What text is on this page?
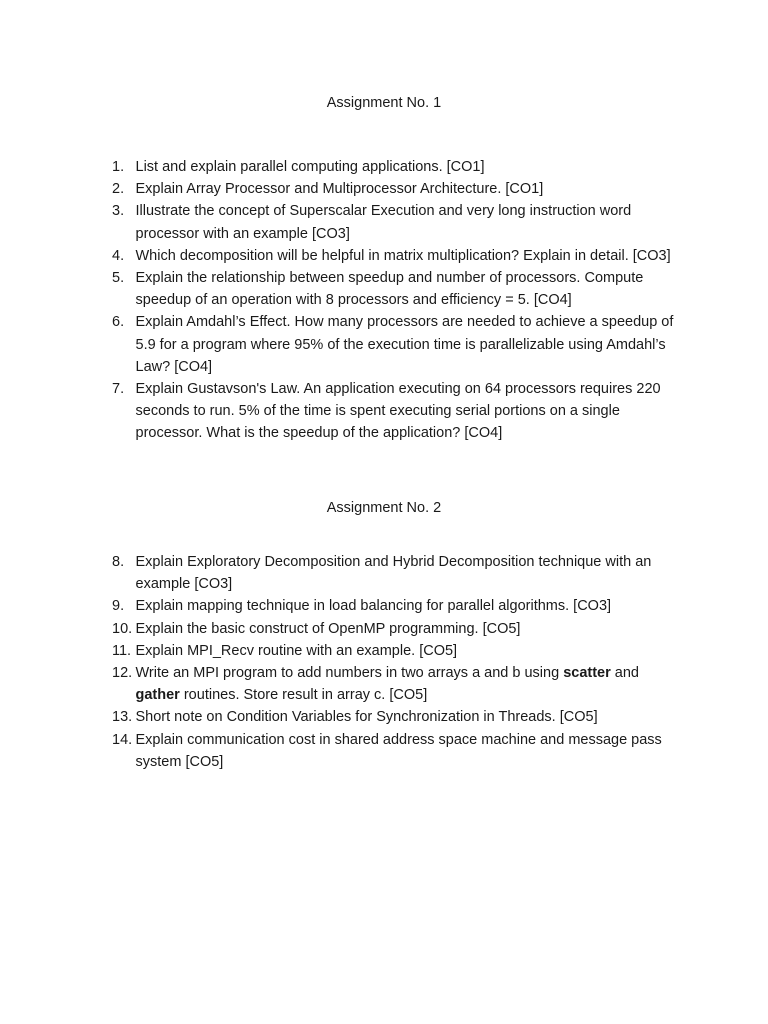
Assignment No. 1
1. List and explain parallel computing applications. [CO1]
2. Explain Array Processor and Multiprocessor Architecture. [CO1]
3. Illustrate the concept of Superscalar Execution and very long instruction word processor with an example [CO3]
4. Which decomposition will be helpful in matrix multiplication? Explain in detail. [CO3]
5. Explain the relationship between speedup and number of processors. Compute speedup of an operation with 8 processors and efficiency = 5. [CO4]
6. Explain Amdahl’s Effect. How many processors are needed to achieve a speedup of 5.9 for a program where 95% of the execution time is parallelizable using Amdahl’s Law? [CO4]
7. Explain Gustavson's Law. An application executing on 64 processors requires 220 seconds to run. 5% of the time is spent executing serial portions on a single processor. What is the speedup of the application? [CO4]
Assignment No. 2
8. Explain Exploratory Decomposition and Hybrid Decomposition technique with an example [CO3]
9. Explain mapping technique in load balancing for parallel algorithms. [CO3]
10. Explain the basic construct of OpenMP programming. [CO5]
11. Explain MPI_Recv routine with an example. [CO5]
12. Write an MPI program to add numbers in two arrays a and b using scatter and gather routines. Store result in array c. [CO5]
13. Short note on Condition Variables for Synchronization in Threads. [CO5]
14. Explain communication cost in shared address space machine and message pass system [CO5]
